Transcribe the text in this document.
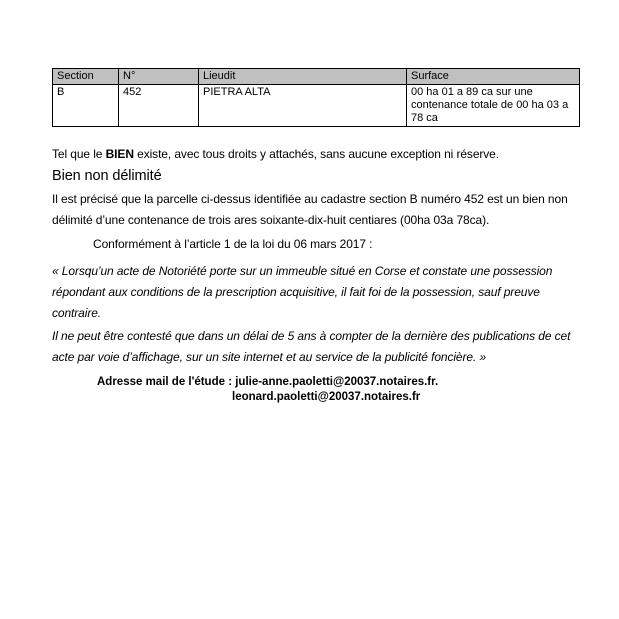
Section	N°	Lieudit	Surface
B	452	PIETRA ALTA	00 ha 01 a 89 ca sur une contenance totale de 00 ha 03 a 78 ca

Tel que le BIEN existe, avec tous droits y attachés, sans aucune exception ni réserve.

Bien non délimité

Il est précisé que la parcelle ci-dessus identifiée au cadastre section B numéro 452 est un bien non délimité d’une contenance de trois ares soixante-dix-huit centiares (00ha 03a 78ca).

Conformément à l’article 1 de la loi du 06 mars 2017 :

« Lorsqu’un acte de Notoriété porte sur un immeuble situé en Corse et constate une possession répondant aux conditions de la prescription acquisitive, il fait foi de la possession, sauf preuve contraire.

Il ne peut être contesté que dans un délai de 5 ans à compter de la dernière des publications de cet acte par voie d’affichage, sur un site internet et au service de la publicité foncière. »

Adresse mail de l'étude : julie-anne.paoletti@20037.notaires.fr.

leonard.paoletti@20037.notaires.fr
